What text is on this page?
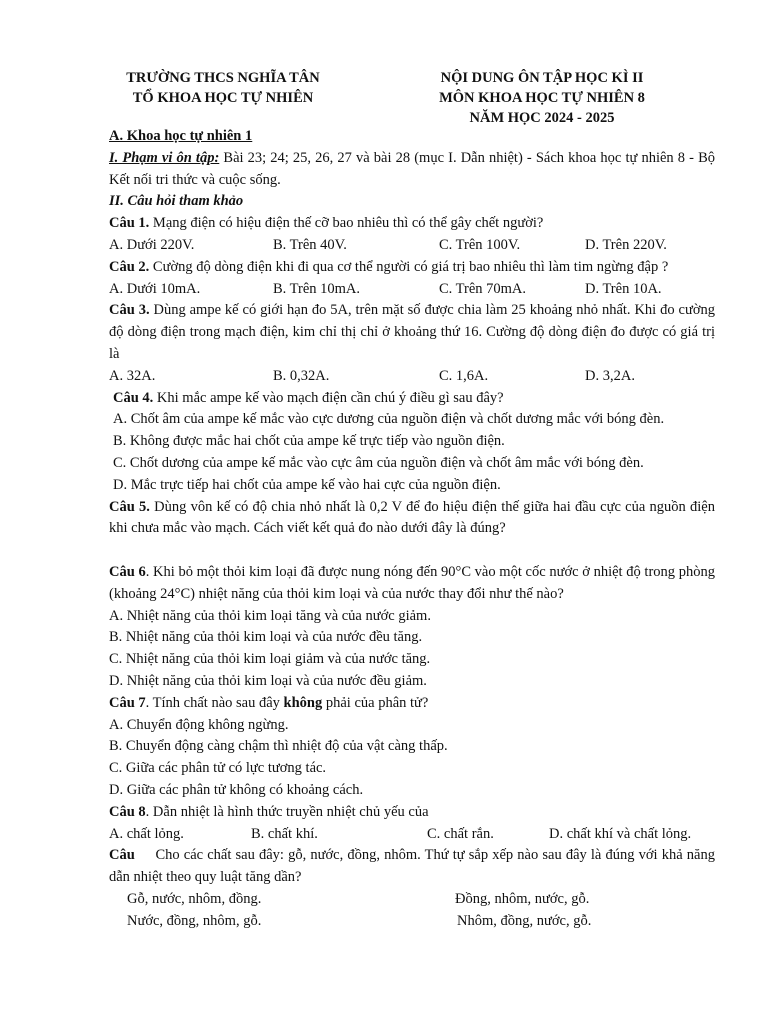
TRƯỜNG THCS NGHĨA TÂN
TỔ KHOA HỌC TỰ NHIÊN
NỘI DUNG ÔN TẬP HỌC KÌ II
MÔN KHOA HỌC TỰ NHIÊN 8
NĂM HỌC 2024 - 2025
A. Khoa học tự nhiên 1
I. Phạm vi ôn tập: Bài 23; 24; 25, 26, 27 và bài 28 (mục I. Dẫn nhiệt) - Sách khoa học tự nhiên 8 - Bộ Kết nối tri thức và cuộc sống.
II. Câu hỏi tham khảo
Câu 1. Mạng điện có hiệu điện thế cỡ bao nhiêu thì có thể gây chết người?
A. Dưới 220V.	B. Trên 40V.	C. Trên 100V.	D. Trên 220V.
Câu 2. Cường độ dòng điện khi đi qua cơ thể người có giá trị bao nhiêu thì làm tim ngừng đập ?
A. Dưới 10mA.	B. Trên 10mA.	C. Trên 70mA.	D. Trên 10A.
Câu 3. Dùng ampe kế có giới hạn đo 5A, trên mặt số được chia làm 25 khoảng nhỏ nhất. Khi đo cường độ dòng điện trong mạch điện, kim chỉ thị chỉ ở khoảng thứ 16. Cường độ dòng điện đo được có giá trị là
A. 32A.	B. 0,32A.	C. 1,6A.	D. 3,2A.
Câu 4. Khi mắc ampe kế vào mạch điện cần chú ý điều gì sau đây?
A. Chốt âm của ampe kế mắc vào cực dương của nguồn điện và chốt dương mắc với bóng đèn.
B. Không được mắc hai chốt của ampe kế trực tiếp vào nguồn điện.
C. Chốt dương của ampe kế mắc vào cực âm của nguồn điện và chốt âm mắc với bóng đèn.
D. Mắc trực tiếp hai chốt của ampe kế vào hai cực của nguồn điện.
Câu 5. Dùng vôn kế có độ chia nhỏ nhất là 0,2 V để đo hiệu điện thế giữa hai đầu cực của nguồn điện khi chưa mắc vào mạch. Cách viết kết quả đo nào dưới đây là đúng?
Câu 6. Khi bỏ một thỏi kim loại đã được nung nóng đến 90°C vào một cốc nước ở nhiệt độ trong phòng (khoảng 24°C) nhiệt năng của thỏi kim loại và của nước thay đổi như thế nào?
A. Nhiệt năng của thỏi kim loại tăng và của nước giảm.
B. Nhiệt năng của thỏi kim loại và của nước đều tăng.
C. Nhiệt năng của thỏi kim loại giảm và của nước tăng.
D. Nhiệt năng của thỏi kim loại và của nước đều giảm.
Câu 7. Tính chất nào sau đây không phải của phân tử?
A. Chuyển động không ngừng.
B. Chuyển động càng chậm thì nhiệt độ của vật càng thấp.
C. Giữa các phân tử có lực tương tác.
D. Giữa các phân tử không có khoảng cách.
Câu 8. Dẫn nhiệt là hình thức truyền nhiệt chủ yếu của
A. chất lỏng.	B. chất khí.	C. chất rắn.	D. chất khí và chất lỏng.
Câu     Cho các chất sau đây: gỗ, nước, đồng, nhôm. Thứ tự sắp xếp nào sau đây là đúng với khả năng dẫn nhiệt theo quy luật tăng dần?
Gỗ, nước, nhôm, đồng.	Đồng, nhôm, nước, gỗ.
Nước, đồng, nhôm, gỗ.	Nhôm, đồng, nước, gỗ.
